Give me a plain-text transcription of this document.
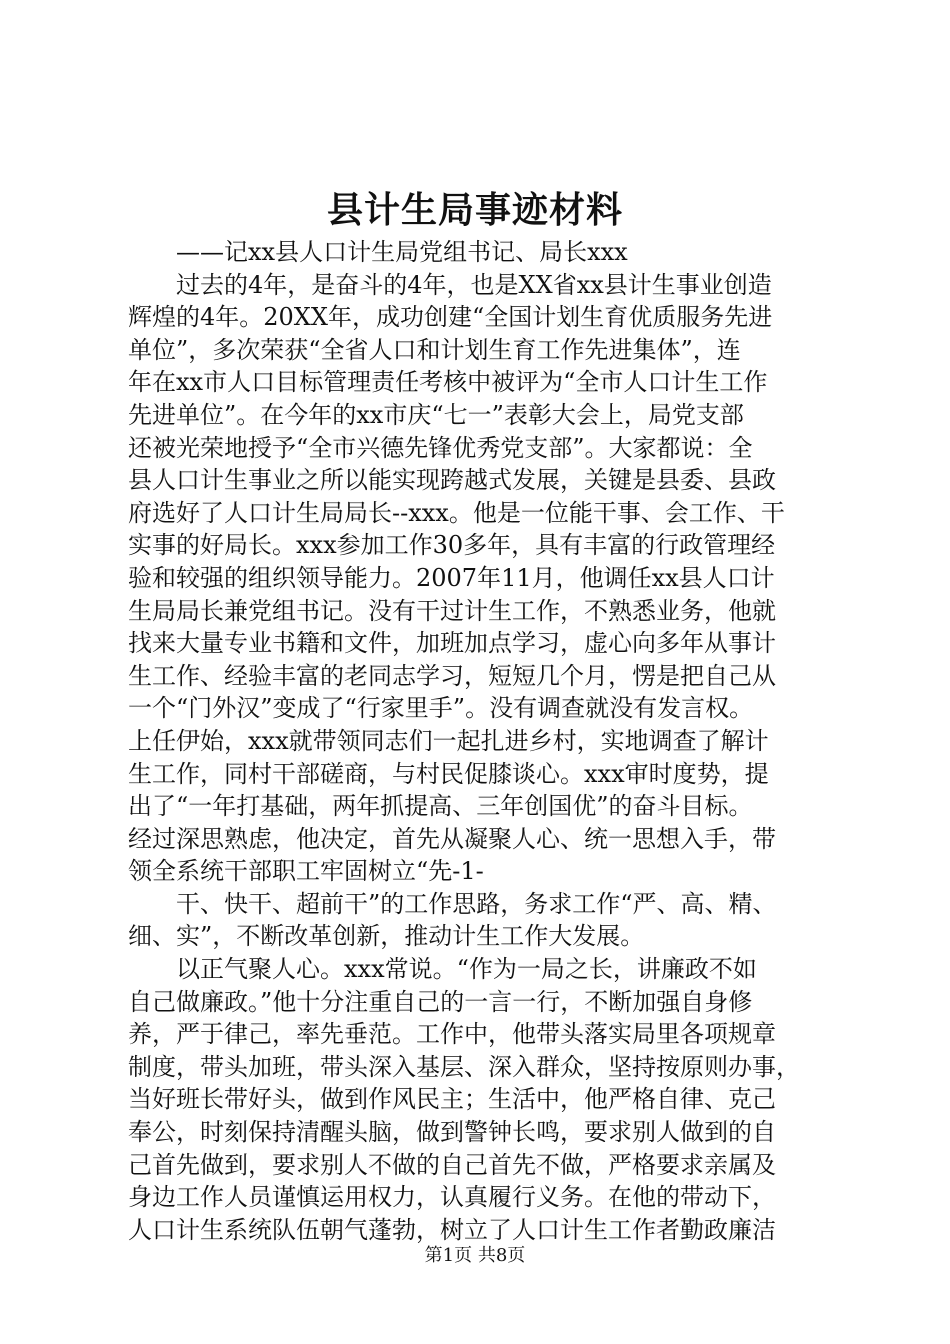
县计生局事迹材料
——记xx县人口计生局党组书记、局长xxx
过去的4年，是奋斗的4年，也是XX省xx县计生事业创造
辉煌的4年。20XX年，成功创建“全国计划生育优质服务先进
单位”，多次荣获“全省人口和计划生育工作先进集体”，连
年在xx市人口目标管理责任考核中被评为“全市人口计生工作
先进单位”。在今年的xx市庆“七一”表彰大会上，局党支部
还被光荣地授予“全市兴德先锋优秀党支部”。大家都说：全
县人口计生事业之所以能实现跨越式发展，关键是县委、县政
府选好了人口计生局局长--xxx。他是一位能干事、会工作、干
实事的好局长。xxx参加工作30多年，具有丰富的行政管理经
验和较强的组织领导能力。2007年11月，他调任xx县人口计
生局局长兼党组书记。没有干过计生工作，不熟悉业务，他就
找来大量专业书籍和文件，加班加点学习，虚心向多年从事计
生工作、经验丰富的老同志学习，短短几个月，愣是把自己从
一个“门外汉”变成了“行家里手”。没有调查就没有发言权。
上任伊始，xxx就带领同志们一起扎进乡村，实地调查了解计
生工作，同村干部磋商，与村民促膝谈心。xxx审时度势，提
出了“一年打基础，两年抓提高、三年创国优”的奋斗目标。
经过深思熟虑，他决定，首先从凝聚人心、统一思想入手，带
领全系统干部职工牢固树立“先-1-
干、快干、超前干”的工作思路，务求工作“严、高、精、
细、实”，不断改革创新，推动计生工作大发展。
以正气聚人心。xxx常说。“作为一局之长，讲廉政不如
自己做廉政。”他十分注重自己的一言一行，不断加强自身修
养，严于律己，率先垂范。工作中，他带头落实局里各项规章
制度，带头加班，带头深入基层、深入群众，坚持按原则办事，
当好班长带好头，做到作风民主；生活中，他严格自律、克己
奉公，时刻保持清醒头脑，做到警钟长鸣，要求别人做到的自
己首先做到，要求别人不做的自己首先不做，严格要求亲属及
身边工作人员谨慎运用权力，认真履行义务。在他的带动下，
人口计生系统队伍朝气蓬勃，树立了人口计生工作者勤政廉洁
第1页 共8页
